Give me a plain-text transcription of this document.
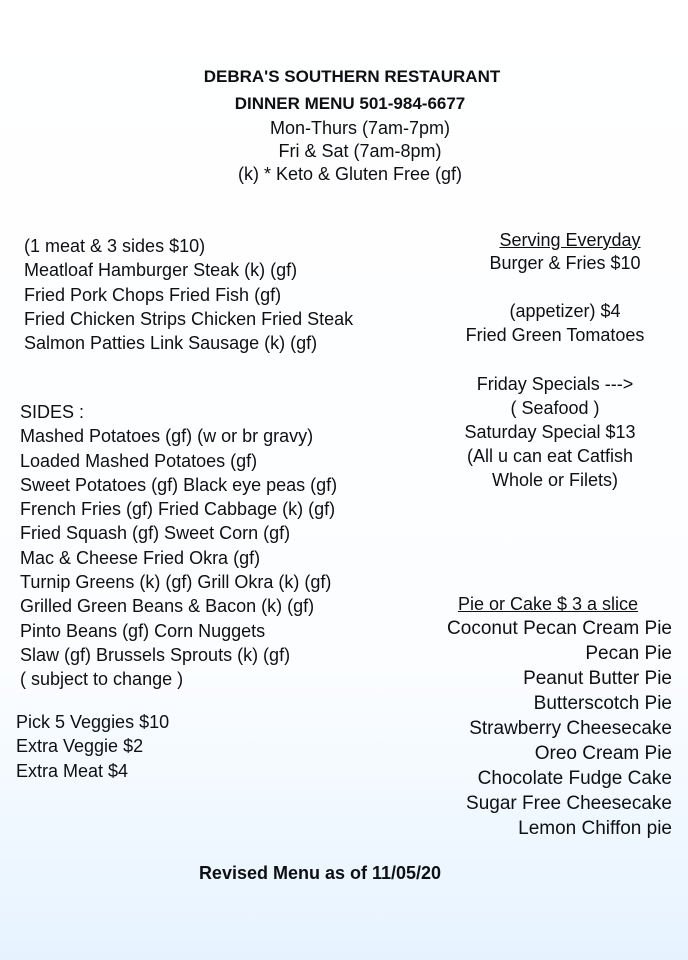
DEBRA'S SOUTHERN RESTAURANT
DINNER MENU 501-984-6677
Mon-Thurs (7am-7pm)
Fri & Sat (7am-8pm)
(k) * Keto & Gluten Free (gf)
(1 meat & 3 sides $10)
Meatloaf Hamburger Steak (k) (gf)
Fried Pork Chops Fried Fish (gf)
Fried Chicken Strips Chicken Fried Steak
Salmon Patties Link Sausage (k) (gf)
Serving Everyday
Burger & Fries $10
(appetizer) $4
Fried Green Tomatoes
Friday Specials --->
( Seafood )
Saturday Special $13
(All u can eat Catfish
Whole or Filets)
SIDES :
Mashed Potatoes (gf) (w or br gravy)
Loaded Mashed Potatoes (gf)
Sweet Potatoes (gf) Black eye peas (gf)
French Fries (gf) Fried Cabbage (k) (gf)
Fried Squash (gf) Sweet Corn (gf)
Mac & Cheese Fried Okra (gf)
Turnip Greens (k) (gf) Grill Okra (k) (gf)
Grilled Green Beans & Bacon (k) (gf)
Pinto Beans (gf) Corn Nuggets
Slaw (gf) Brussels Sprouts (k) (gf)
( subject to change )
Pick 5 Veggies $10
Extra Veggie $2
Extra Meat $4
Pie or Cake $ 3 a slice
Coconut Pecan Cream Pie
Pecan Pie
Peanut Butter Pie
Butterscotch Pie
Strawberry Cheesecake
Oreo Cream Pie
Chocolate Fudge Cake
Sugar Free Cheesecake
Lemon Chiffon pie
Revised Menu as of 11/05/20
